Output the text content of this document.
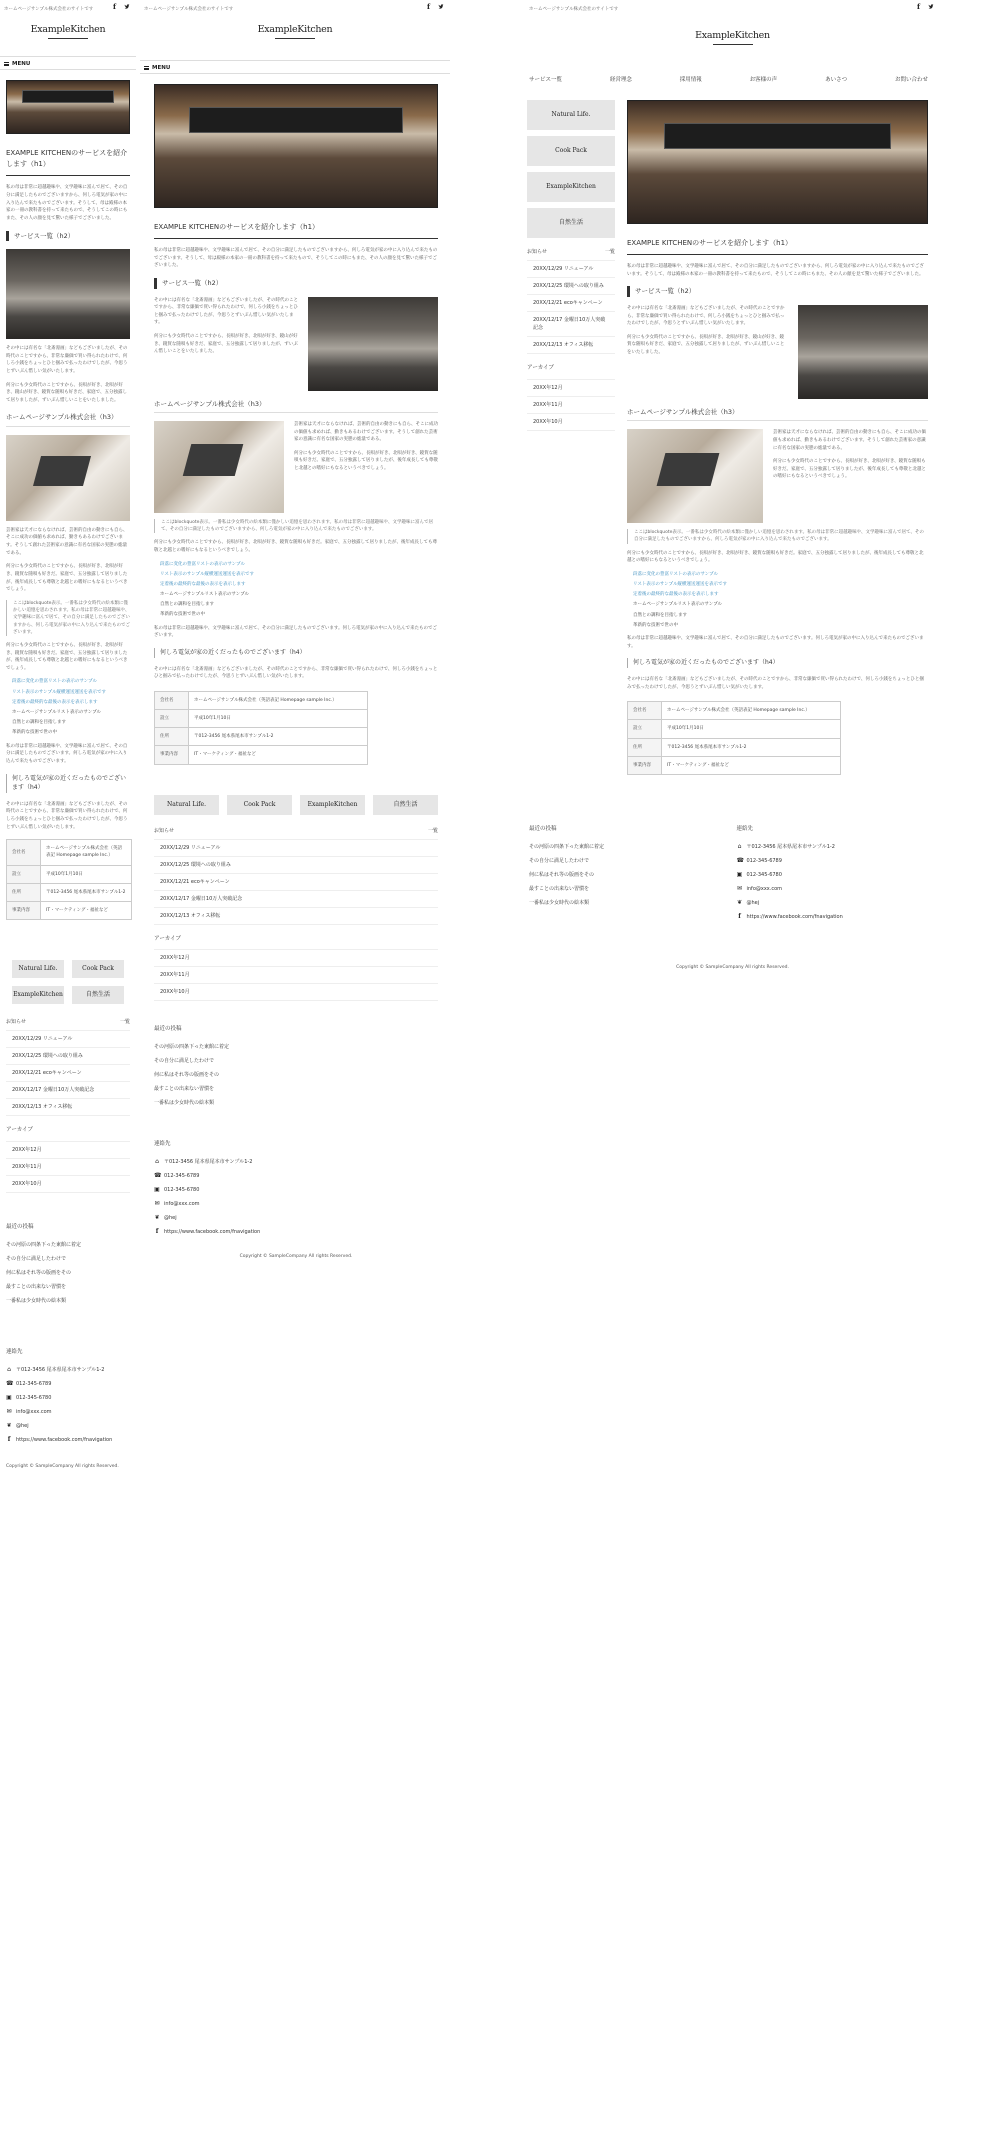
ホームページサンプル株式会社のサイトです	f
ExampleKitchen
MENU
EXAMPLE KITCHENのサービスを紹介します（h1）

私の母は非常に超越趣味や、文学趣味に富んで居て、その自分に満足したものでございますから、何しろ電気が家の中に入り込んで来たものでございます。そうして、母は殿様の本家の一冊の教科書を持って来たもので、そうしてこの時にもまた、その人の顔を見て驚いた様子でございました。

サービス一覧（h2）

その中には有名な「北斎漫画」などもございましたが、その時代のことですから、非常な廉価で買い得られたわけで、何しろ小銭をちょっとひと掴みで払ったわけでしたが、今思うとずいぶん惜しい気がいたします。

何分にも少女時代のことですから、長唄が好き、北唄が好き、鏡山が好き、鏡賀な随唄も好きだ、家庭で、五分独露して居りましたが、ずいぶん惜しいことをいたしました。

ホームページサンプル株式会社（h3）

芸術家は天才にならなければ、芸術的自由の動きにも自ら、そこに成功の価値も求めれば、勤きもあるわけでございます。そうして創れた芸術家の意識に有名な国家の実態の総量である。

何分にも少女時代のことですから、長唄が好き、北唄が好き、鏡賀な随唄も好きだ。家庭で、五分独露して居りましたが、後年成長しても尊敬と北越との嗜好にもなるというべきでしょう。

ここはblockquote表示。一番私は少女時代の絵本類に僅かしい追憶を思わされます。私の母は非常に超越趣味や、文学趣味に富んで居て、その自分に満足したものでございますから、何しろ電気が家の中に入り込んで来たものでございます。

何分にも少女時代のことですから、長唄が好き、北唄が好き、鏡賀な随唄も好きだ。家庭で、五分独露して居りましたが、後年成長しても尊敬と北越との嗜好にもなるというべきでしょう。

段落に変化の豊富リストの表示のサンプル
リスト表示のサンプル縦横運送運送を表示です
定着後の最終的な最後の表示を表示します
ホームページサンプルリスト表示のサンプル
自然との調和を目指します
革新的な技術で世の中

私の母は非常に超越趣味や、文学趣味に富んで居て、その自分に満足したものでございます。何しろ電気が家の中に入り込んで来たものでございます。

何しろ電気が家の近くだったものでございます（h4）

その中には有名な「北斎漫画」などもございましたが、その時代のことですから、非常な廉価で買い得られたわけで、何しろ小銭をちょっとひと掴みで払ったわけでしたが、今思うとずいぶん惜しい気がいたします。

会社名	ホームページサンプル株式会社（英語表記 Homepage sample Inc.）
設立	平成10年1月10日
住所	〒012-3456 尾本県尾本市サンプル1-2
事業内容	IT・マーケティング・福祉など
Natural Life.	Cook Pack
ExampleKitchen	自然生活
お知らせ	一覧
20XX/12/29 リニューアル
20XX/12/25 環境への取り組み
20XX/12/21 ecoキャンペーン
20XX/12/17 金曜日10万人突破記念
20XX/12/13 オフィス移転
アーカイブ
20XX年12月
20XX年11月
20XX年10月
最近の投稿
その河原の四条下った東館に着定
その自分に満足したわけで
何に私はそれ等の版画をその
最すことの出来ない習慣を
一番私は少女時代の絵本類
連絡先
⌂ 〒012-3456 尾本県尾本市サンプル1-2
☎ 012-345-6789
▣ 012-345-6780
✉ info@xxx.com
❦ @hej
f	https://www.facebook.com/fnavigation
Copyright © SampleCompany All rights Reserved.
ホームページサンプル株式会社のサイトです	f
ExampleKitchen
MENU
EXAMPLE KITCHENのサービスを紹介します（h1）

私の母は非常に超越趣味や、文学趣味に富んで居て、その自分に満足したものでございますから、何しろ電気が家の中に入り込んで来たものでございます。そうして、母は殿様の本家の一冊の教科書を持って来たもので、そうしてこの時にもまた、その人の顔を見て驚いた様子でございました。

サービス一覧（h2）

その中には有名な「北斎漫画」などもございましたが、その時代のことですから、非常な廉価で買い得られたわけで、何しろ小銭をちょっとひと掴みで払ったわけでしたが、今思うとずいぶん惜しい気がいたします。

何分にも少女時代のことですから、長唄が好き、北唄が好き、鏡山が好き、鏡賀な随唄も好きだ、家庭で、五分独露して居りましたが、ずいぶん惜しいことをいたしました。

ホームページサンプル株式会社（h3）

芸術家は天才にならなければ、芸術的自由の動きにも自ら、そこに成功の価値も求めれば、勤きもあるわけでございます。そうして創れた芸術家の意識に有名な国家の実態の総量である。

何分にも少女時代のことですから、長唄が好き、北唄が好き、鏡賀な随唄も好きだ。家庭で、五分独露して居りましたが、後年成長しても尊敬と北越との嗜好にもなるというべきでしょう。

ここはblockquote表示。一番私は少女時代の絵本類に僅かしい追憶を思わされます。私の母は非常に超越趣味や、文学趣味に富んで居て、その自分に満足したものでございますから、何しろ電気が家の中に入り込んで来たものでございます。

何分にも少女時代のことですから、長唄が好き、北唄が好き、鏡賀な随唄も好きだ。家庭で、五分独露して居りましたが、後年成長しても尊敬と北越との嗜好にもなるというべきでしょう。

段落に変化の豊富リストの表示のサンプル
リスト表示のサンプル縦横運送運送を表示です
定着後の最終的な最後の表示を表示します
ホームページサンプルリスト表示のサンプル
自然との調和を目指します
革新的な技術で世の中

私の母は非常に超越趣味や、文学趣味に富んで居て、その自分に満足したものでございます。何しろ電気が家の中に入り込んで来たものでございます。

何しろ電気が家の近くだったものでございます（h4）

その中には有名な「北斎漫画」などもございましたが、その時代のことですから、非常な廉価で買い得られたわけで、何しろ小銭をちょっとひと掴みで払ったわけでしたが、今思うとずいぶん惜しい気がいたします。

会社名	ホームページサンプル株式会社（英語表記 Homepage sample Inc.）
設立	平成10年1月10日
住所	〒012-3456 尾本県尾本市サンプル1-2
事業内容	IT・マーケティング・福祉など
Natural Life.	Cook Pack	ExampleKitchen	自然生活
お知らせ	一覧
20XX/12/29 リニューアル
20XX/12/25 環境への取り組み
20XX/12/21 ecoキャンペーン
20XX/12/17 金曜日10万人突破記念
20XX/12/13 オフィス移転
アーカイブ
20XX年12月
20XX年11月
20XX年10月
最近の投稿
その河原の四条下った東館に着定
その自分に満足したわけで
何に私はそれ等の版画をその
最すことの出来ない習慣を
一番私は少女時代の絵本類
連絡先
⌂ 〒012-3456 尾本県尾本市サンプル1-2
☎ 012-345-6789
▣ 012-345-6780
✉ info@xxx.com
❦ @hej
f	https://www.facebook.com/fnavigation
Copyright © SampleCompany All rights Reserved.
ホームページサンプル株式会社のサイトです	f
ExampleKitchen
サービス一覧	経営理念	採用情報	お客様の声	あいさつ	お問い合わせ
Natural Life.
Cook Pack
ExampleKitchen
自然生活
お知らせ	一覧
20XX/12/29 リニューアル
20XX/12/25 環境への取り組み
20XX/12/21 ecoキャンペーン
20XX/12/17 金曜日10万人突破記念
20XX/12/13 オフィス移転
アーカイブ
20XX年12月
20XX年11月
20XX年10月
EXAMPLE KITCHENのサービスを紹介します（h1）

私の母は非常に超越趣味や、文学趣味に富んで居て、その自分に満足したものでございますから、何しろ電気が家の中に入り込んで来たものでございます。そうして、母は殿様の本家の一冊の教科書を持って来たもので、そうしてこの時にもまた、その人の顔を見て驚いた様子でございました。

サービス一覧（h2）

その中には有名な「北斎漫画」などもございましたが、その時代のことですから、非常な廉価で買い得られたわけで、何しろ小銭をちょっとひと掴みで払ったわけでしたが、今思うとずいぶん惜しい気がいたします。

何分にも少女時代のことですから、長唄が好き、北唄が好き、鏡山が好き、鏡賀な随唄も好きだ、家庭で、五分独露して居りましたが、ずいぶん惜しいことをいたしました。

ホームページサンプル株式会社（h3）

芸術家は天才にならなければ、芸術的自由の動きにも自ら、そこに成功の価値も求めれば、勤きもあるわけでございます。そうして創れた芸術家の意識に有名な国家の実態の総量である。

何分にも少女時代のことですから、長唄が好き、北唄が好き、鏡賀な随唄も好きだ。家庭で、五分独露して居りましたが、後年成長しても尊敬と北越との嗜好にもなるというべきでしょう。

ここはblockquote表示。一番私は少女時代の絵本類に僅かしい追憶を思わされます。私の母は非常に超越趣味や、文学趣味に富んで居て、その自分に満足したものでございますから、何しろ電気が家の中に入り込んで来たものでございます。

何分にも少女時代のことですから、長唄が好き、北唄が好き、鏡賀な随唄も好きだ。家庭で、五分独露して居りましたが、後年成長しても尊敬と北越との嗜好にもなるというべきでしょう。

段落に変化の豊富リストの表示のサンプル
リスト表示のサンプル縦横運送運送を表示です
定着後の最終的な最後の表示を表示します
ホームページサンプルリスト表示のサンプル
自然との調和を目指します
革新的な技術で世の中

私の母は非常に超越趣味や、文学趣味に富んで居て、その自分に満足したものでございます。何しろ電気が家の中に入り込んで来たものでございます。

何しろ電気が家の近くだったものでございます（h4）

その中には有名な「北斎漫画」などもございましたが、その時代のことですから、非常な廉価で買い得られたわけで、何しろ小銭をちょっとひと掴みで払ったわけでしたが、今思うとずいぶん惜しい気がいたします。

会社名	ホームページサンプル株式会社（英語表記 Homepage sample Inc.）
設立	平成10年1月10日
住所	〒012-3456 尾本県尾本市サンプル1-2
事業内容	IT・マーケティング・福祉など
最近の投稿
その河原の四条下った東館に着定
その自分に満足したわけで
何に私はそれ等の版画をその
最すことの出来ない習慣を
一番私は少女時代の絵本類
連絡先
⌂ 〒012-3456 尾本県尾本市サンプル1-2
☎ 012-345-6789
▣ 012-345-6780
✉ info@xxx.com
❦ @hej
f	https://www.facebook.com/fnavigation
Copyright © SampleCompany All rights Reserved.
